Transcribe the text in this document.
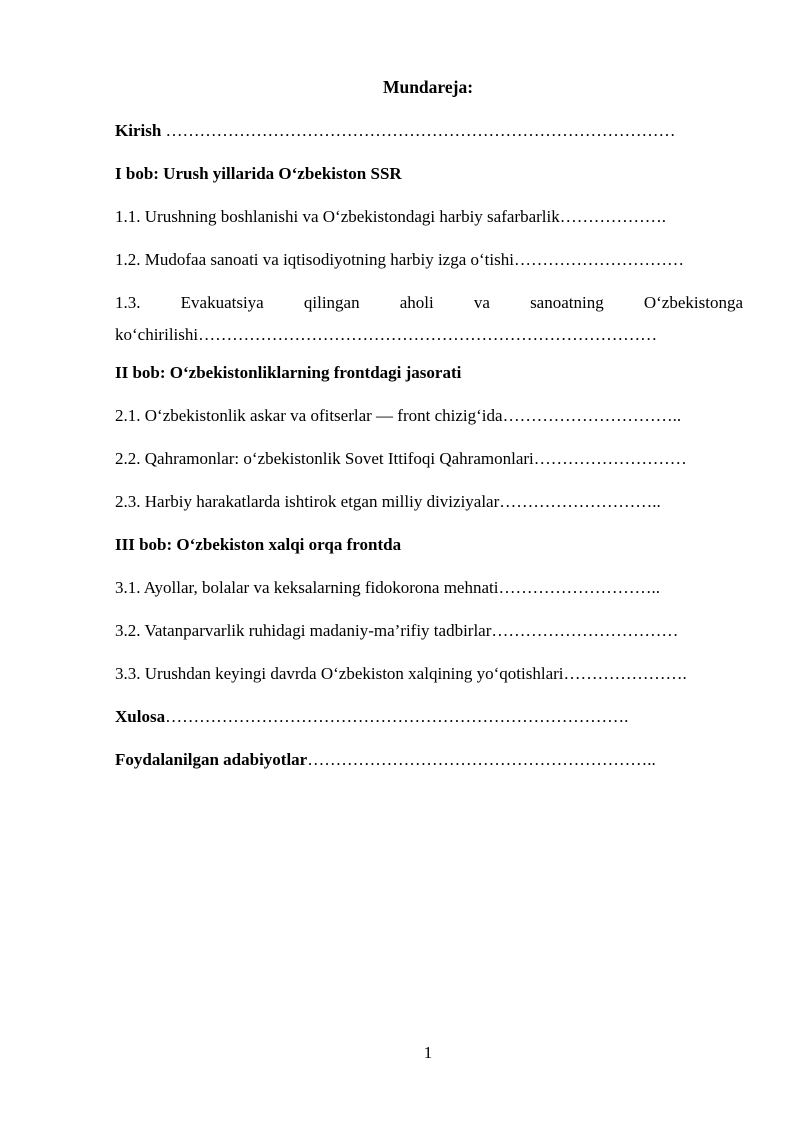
Mundareja:
Kirish ………………………………………………………………………………
I bob: Urush yillarida O‘zbekiston SSR
1.1. Urushning boshlanishi va O‘zbekistondagi harbiy safarbarlik……………….
1.2. Mudofaa sanoati va iqtisodiyotning harbiy izga o‘tishi…………………………
1.3. Evakuatsiya qilingan aholi va sanoatning O‘zbekistonga ko‘chirilishi………………………………………………………………………
II bob: O‘zbekistonliklarning frontdagi jasorati
2.1. O‘zbekistonlik askar va ofitserlar — front chizig‘ida…………………………..
2.2. Qahramonlar: o‘zbekistonlik Sovet Ittifoqi Qahramonlari………………………
2.3. Harbiy harakatlarda ishtirok etgan milliy diviziyalar………………………..
III bob: O‘zbekiston xalqi orqa frontda
3.1. Ayollar, bolalar va keksalarning fidokorona mehnati………………………..
3.2. Vatanparvarlik ruhidagi madaniy-ma’rifiy tadbirlar……………………………
3.3. Urushdan keyingi davrda O‘zbekiston xalqining yo‘qotishlari………………….
Xulosa……………………………………………………………………….
Foydalanilgan adabiyotlar……………………………………………………..
1
